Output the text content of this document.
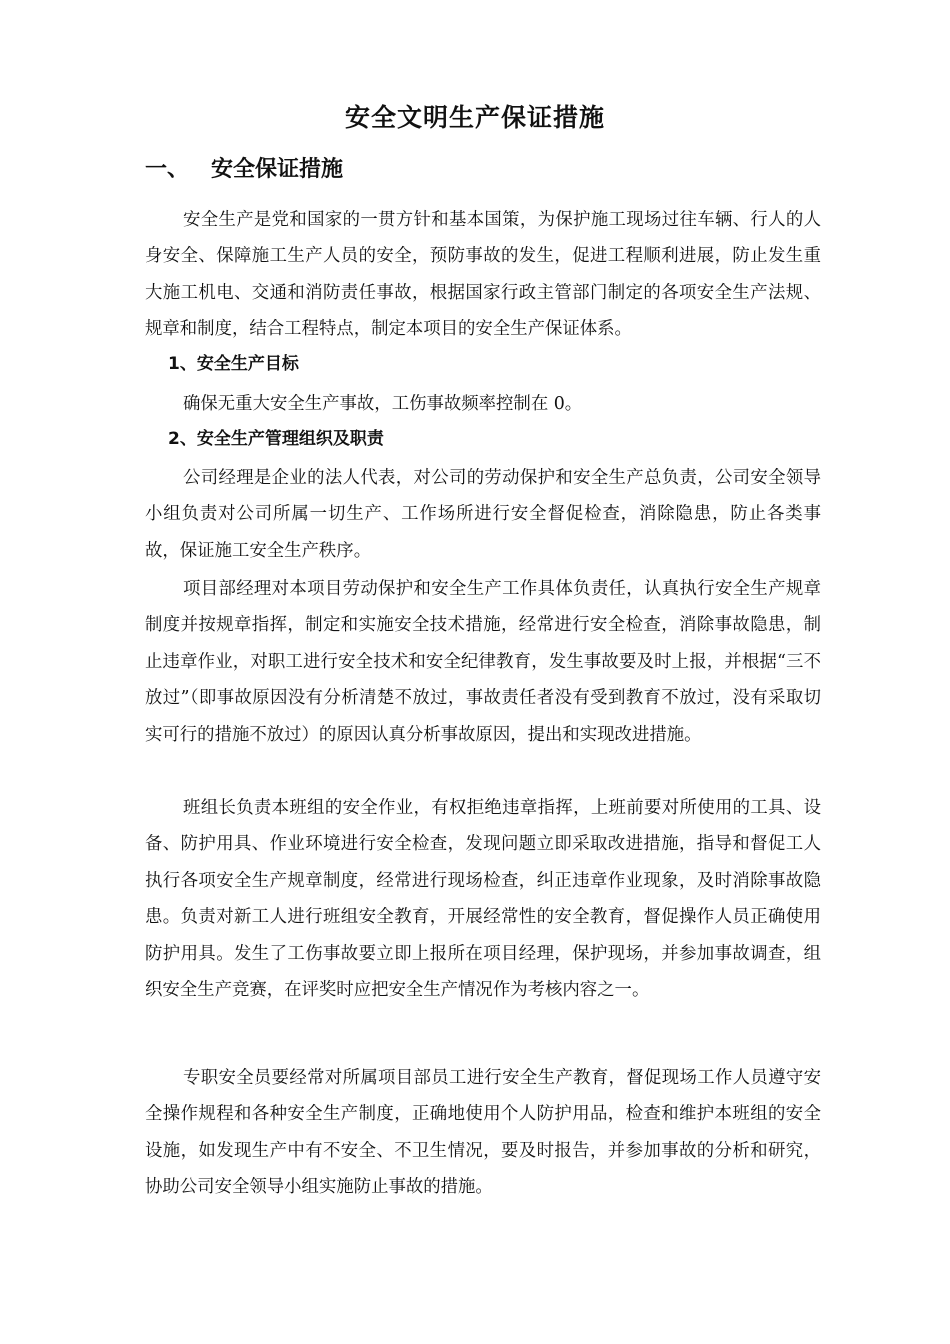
安全文明生产保证措施
一、 安全保证措施

安全生产是党和国家的一贯方针和基本国策，为保护施工现场过往车辆、行人的人身安全、保障施工生产人员的安全，预防事故的发生，促进工程顺利进展，防止发生重大施工机电、交通和消防责任事故，根据国家行政主管部门制定的各项安全生产法规、规章和制度，结合工程特点，制定本项目的安全生产保证体系。

1、安全生产目标

确保无重大安全生产事故，工伤事故频率控制在 0。

2、安全生产管理组织及职责

公司经理是企业的法人代表，对公司的劳动保护和安全生产总负责，公司安全领导小组负责对公司所属一切生产、工作场所进行安全督促检查，消除隐患，防止各类事故，保证施工安全生产秩序。

项目部经理对本项目劳动保护和安全生产工作具体负责任，认真执行安全生产规章制度并按规章指挥，制定和实施安全技术措施，经常进行安全检查，消除事故隐患，制止违章作业，对职工进行安全技术和安全纪律教育，发生事故要及时上报，并根据“三不放过”（即事故原因没有分析清楚不放过，事故责任者没有受到教育不放过，没有采取切实可行的措施不放过）的原因认真分析事故原因，提出和实现改进措施。

班组长负责本班组的安全作业，有权拒绝违章指挥，上班前要对所使用的工具、设备、防护用具、作业环境进行安全检查，发现问题立即采取改进措施，指导和督促工人执行各项安全生产规章制度，经常进行现场检查，纠正违章作业现象，及时消除事故隐患。负责对新工人进行班组安全教育，开展经常性的安全教育，督促操作人员正确使用防护用具。发生了工伤事故要立即上报所在项目经理，保护现场，并参加事故调查，组织安全生产竞赛，在评奖时应把安全生产情况作为考核内容之一。

专职安全员要经常对所属项目部员工进行安全生产教育，督促现场工作人员遵守安全操作规程和各种安全生产制度，正确地使用个人防护用品，检查和维护本班组的安全设施，如发现生产中有不安全、不卫生情况，要及时报告，并参加事故的分析和研究，协助公司安全领导小组实施防止事故的措施。
